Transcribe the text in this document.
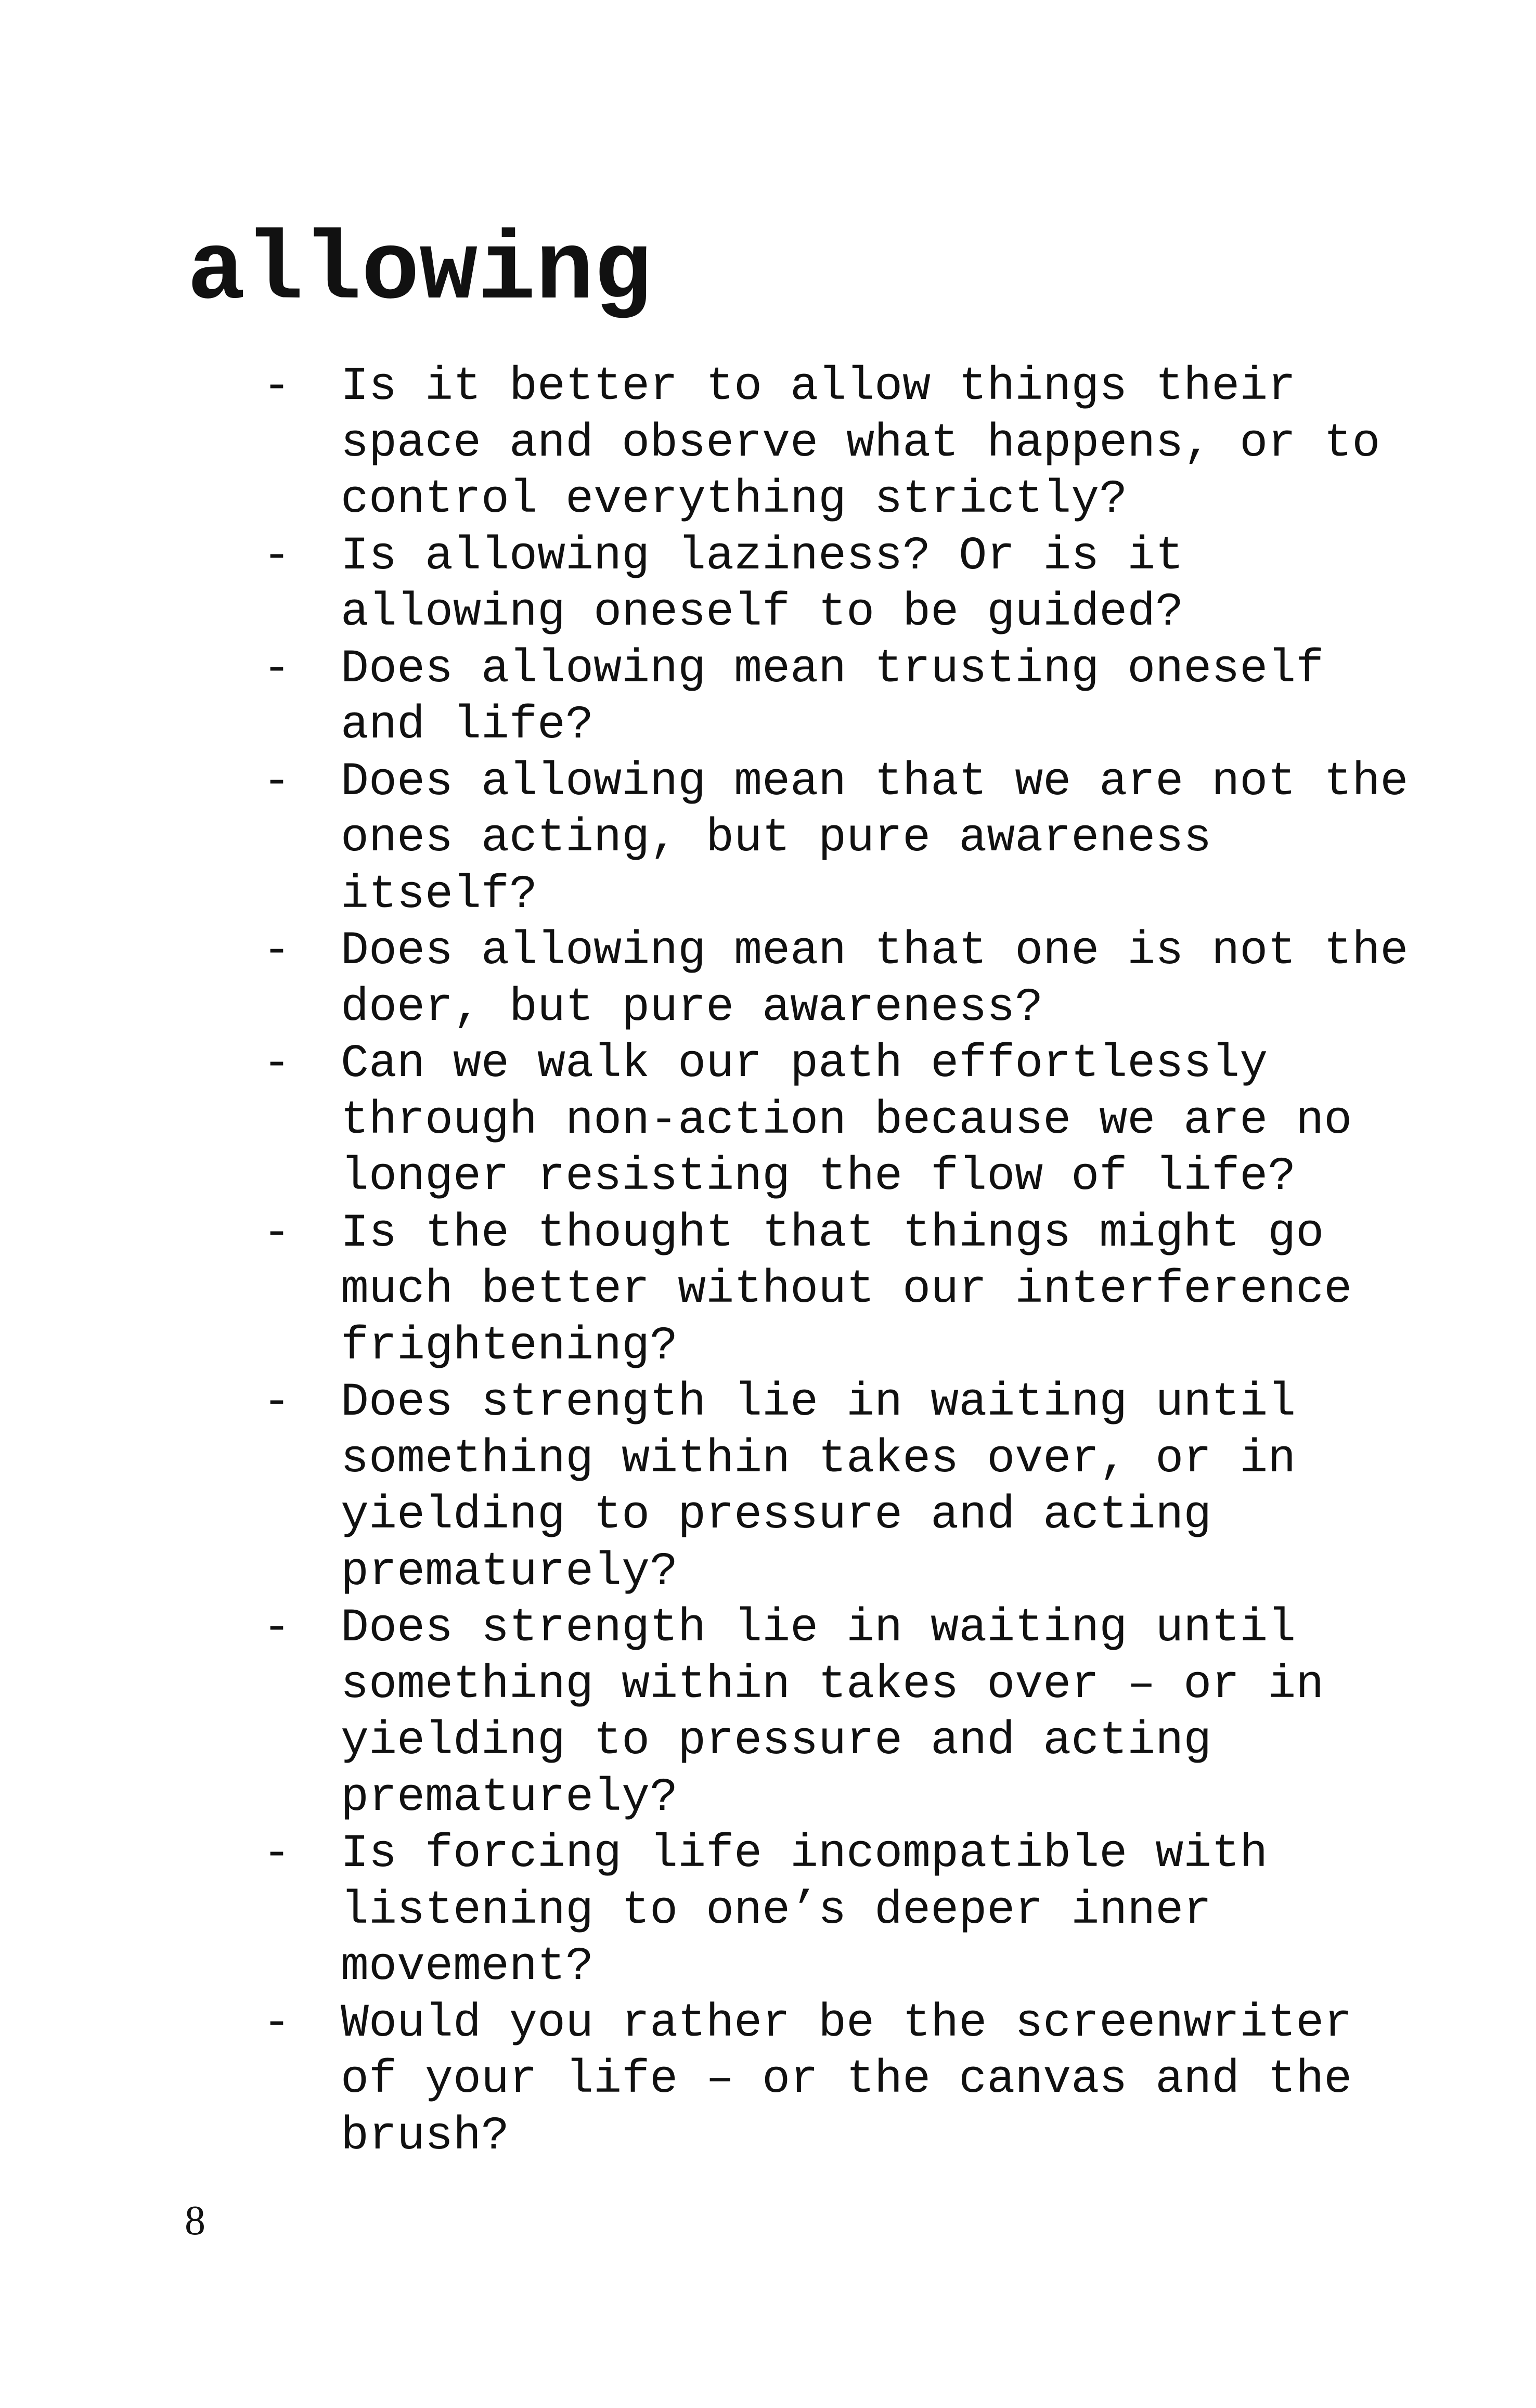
allowing
- Is it better to allow things their
space and observe what happens, or to
control everything strictly?
- Is allowing laziness? Or is it
allowing oneself to be guided?
- Does allowing mean trusting oneself
and life?
- Does allowing mean that we are not the
ones acting, but pure awareness
itself?
- Does allowing mean that one is not the
doer, but pure awareness?
- Can we walk our path effortlessly
through non-action because we are no
longer resisting the flow of life?
- Is the thought that things might go
much better without our interference
frightening?
- Does strength lie in waiting until
something within takes over, or in
yielding to pressure and acting
prematurely?
- Does strength lie in waiting until
something within takes over – or in
yielding to pressure and acting
prematurely?
- Is forcing life incompatible with
listening to one’s deeper inner
movement?
- Would you rather be the screenwriter
of your life – or the canvas and the
brush?
8
